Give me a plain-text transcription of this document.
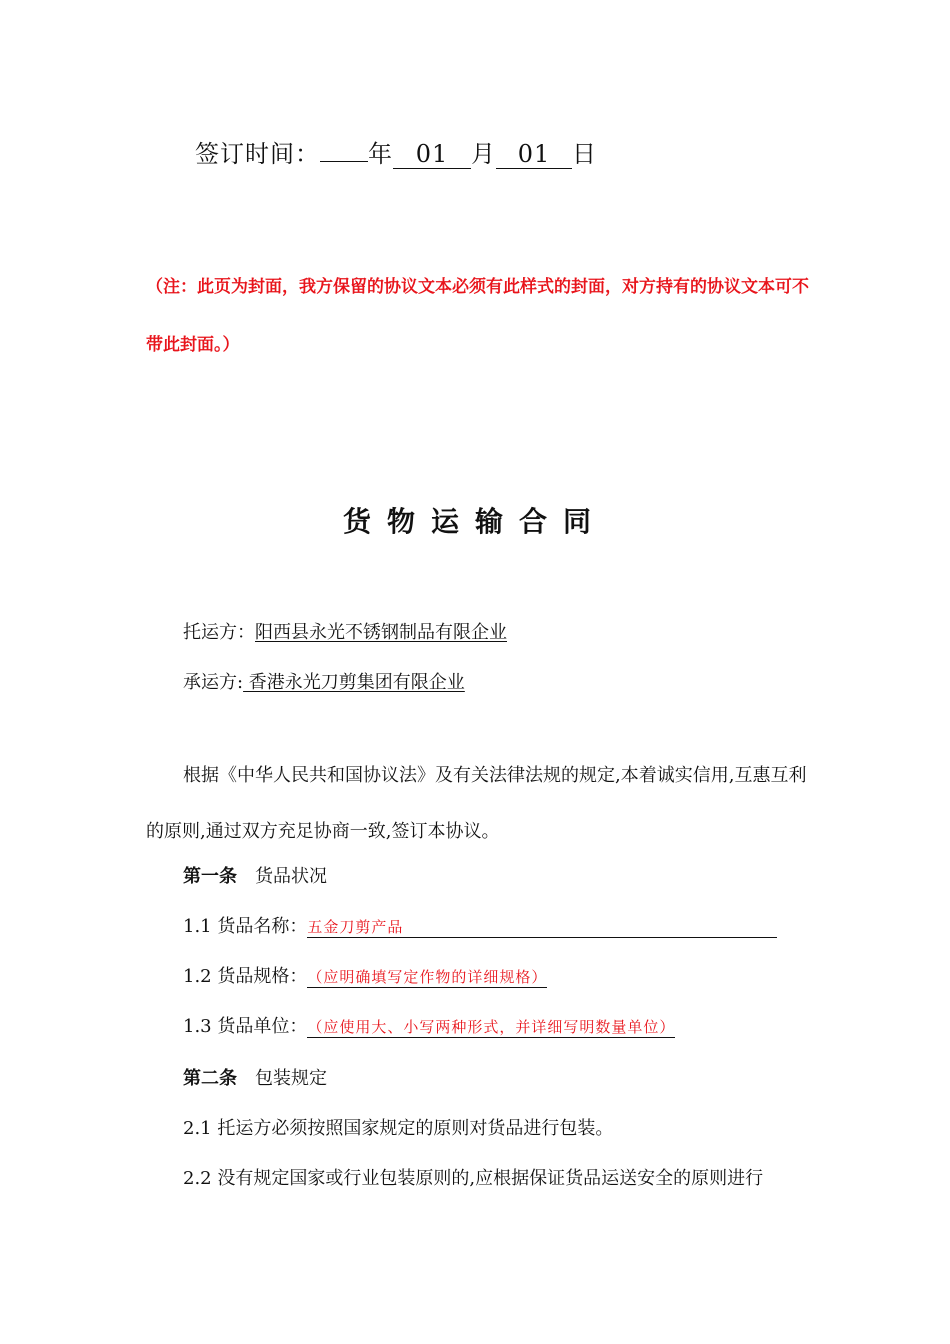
签订时间： 年 01 月 01 日
（注：此页为封面，我方保留的协议文本必须有此样式的封面，对方持有的协议文本可不带此封面。）
货物运输合同
托运方：阳西县永光不锈钢制品有限企业
承运方: 香港永光刀剪集团有限企业
根据《中华人民共和国协议法》及有关法律法规的规定,本着诚实信用,互惠互利的原则,通过双方充足协商一致,签订本协议。
第一条 货品状况
1.1 货品名称：五金刀剪产品
1.2 货品规格：（应明确填写定作物的详细规格）
1.3 货品单位：（应使用大、小写两种形式，并详细写明数量单位）
第二条 包装规定
2.1 托运方必须按照国家规定的原则对货品进行包装。
2.2 没有规定国家或行业包装原则的,应根据保证货品运送安全的原则进行
